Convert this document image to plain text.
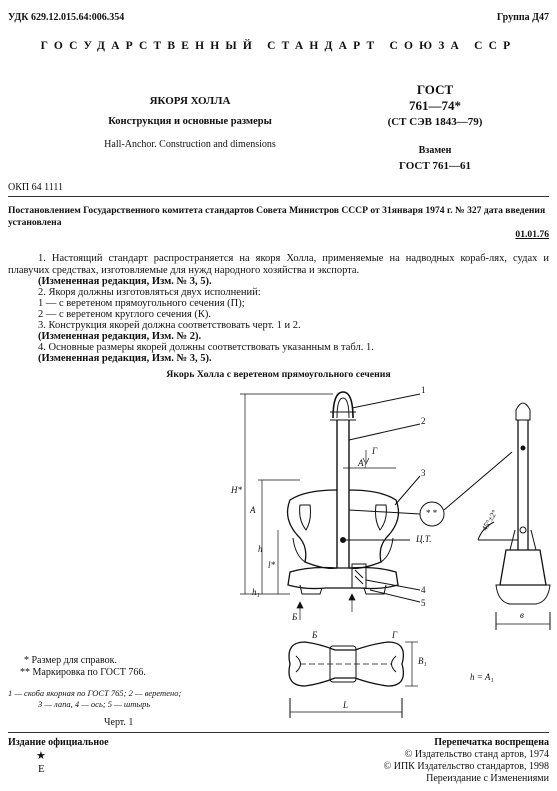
УДК 629.12.015.64:006.354	Группа Д47
ГОСУДАРСТВЕННЫЙ СТАНДАРТ СОЮЗА ССР
ЯКОРЯ ХОЛЛА
Конструкция и основные размеры
Hall-Anchor. Construction and dimensions
ОКП 64 1111
ГОСТ
761—74*
(СТ СЭВ 1843—79)
Взамен
ГОСТ 761—61
Постановлением Государственного комитета стандартов Совета Министров СССР от 31января 1974 г. № 327 дата введения установлена
01.01.76
1. Настоящий стандарт распространяется на якоря Холла, применяемые на надводных кораб-лях, судах и плавучих средствах, изготовляемые для нужд народного хозяйства и экспорта.
(Измененная редакция, Изм. № 3, 5).
2. Якоря должны изготовляться двух исполнений:
1 — с веретеном прямоугольного сечения (П);
2 — с веретеном круглого сечения (К).
3. Конструкция якорей должна соответствовать черт. 1 и 2.
(Измененная редакция, Изм. № 2).
4. Основные размеры якорей должны соответствовать указанным в табл. 1.
(Измененная редакция, Изм. № 3, 5).
Якорь Холла с веретеном прямоугольного сечения
1
2
3
4
5
Г
Б
A₁
H*
A
h
l*
h₁
Ц.Т.
* *	45°±2°
Б	Г
в
L
B₁
h = A₁
* Размер для справок.
** Маркировка по ГОСТ 766.
1 — скоба якорная по ГОСТ 765; 2 — веретено;
3 — лапа, 4 — ось; 5 — штырь
Черт. 1
Издание официальное
★
E
Перепечатка воспрещена
© Издательство станд артов, 1974
© ИПК Издательство стандартов, 1998
Переиздание с Изменениями
